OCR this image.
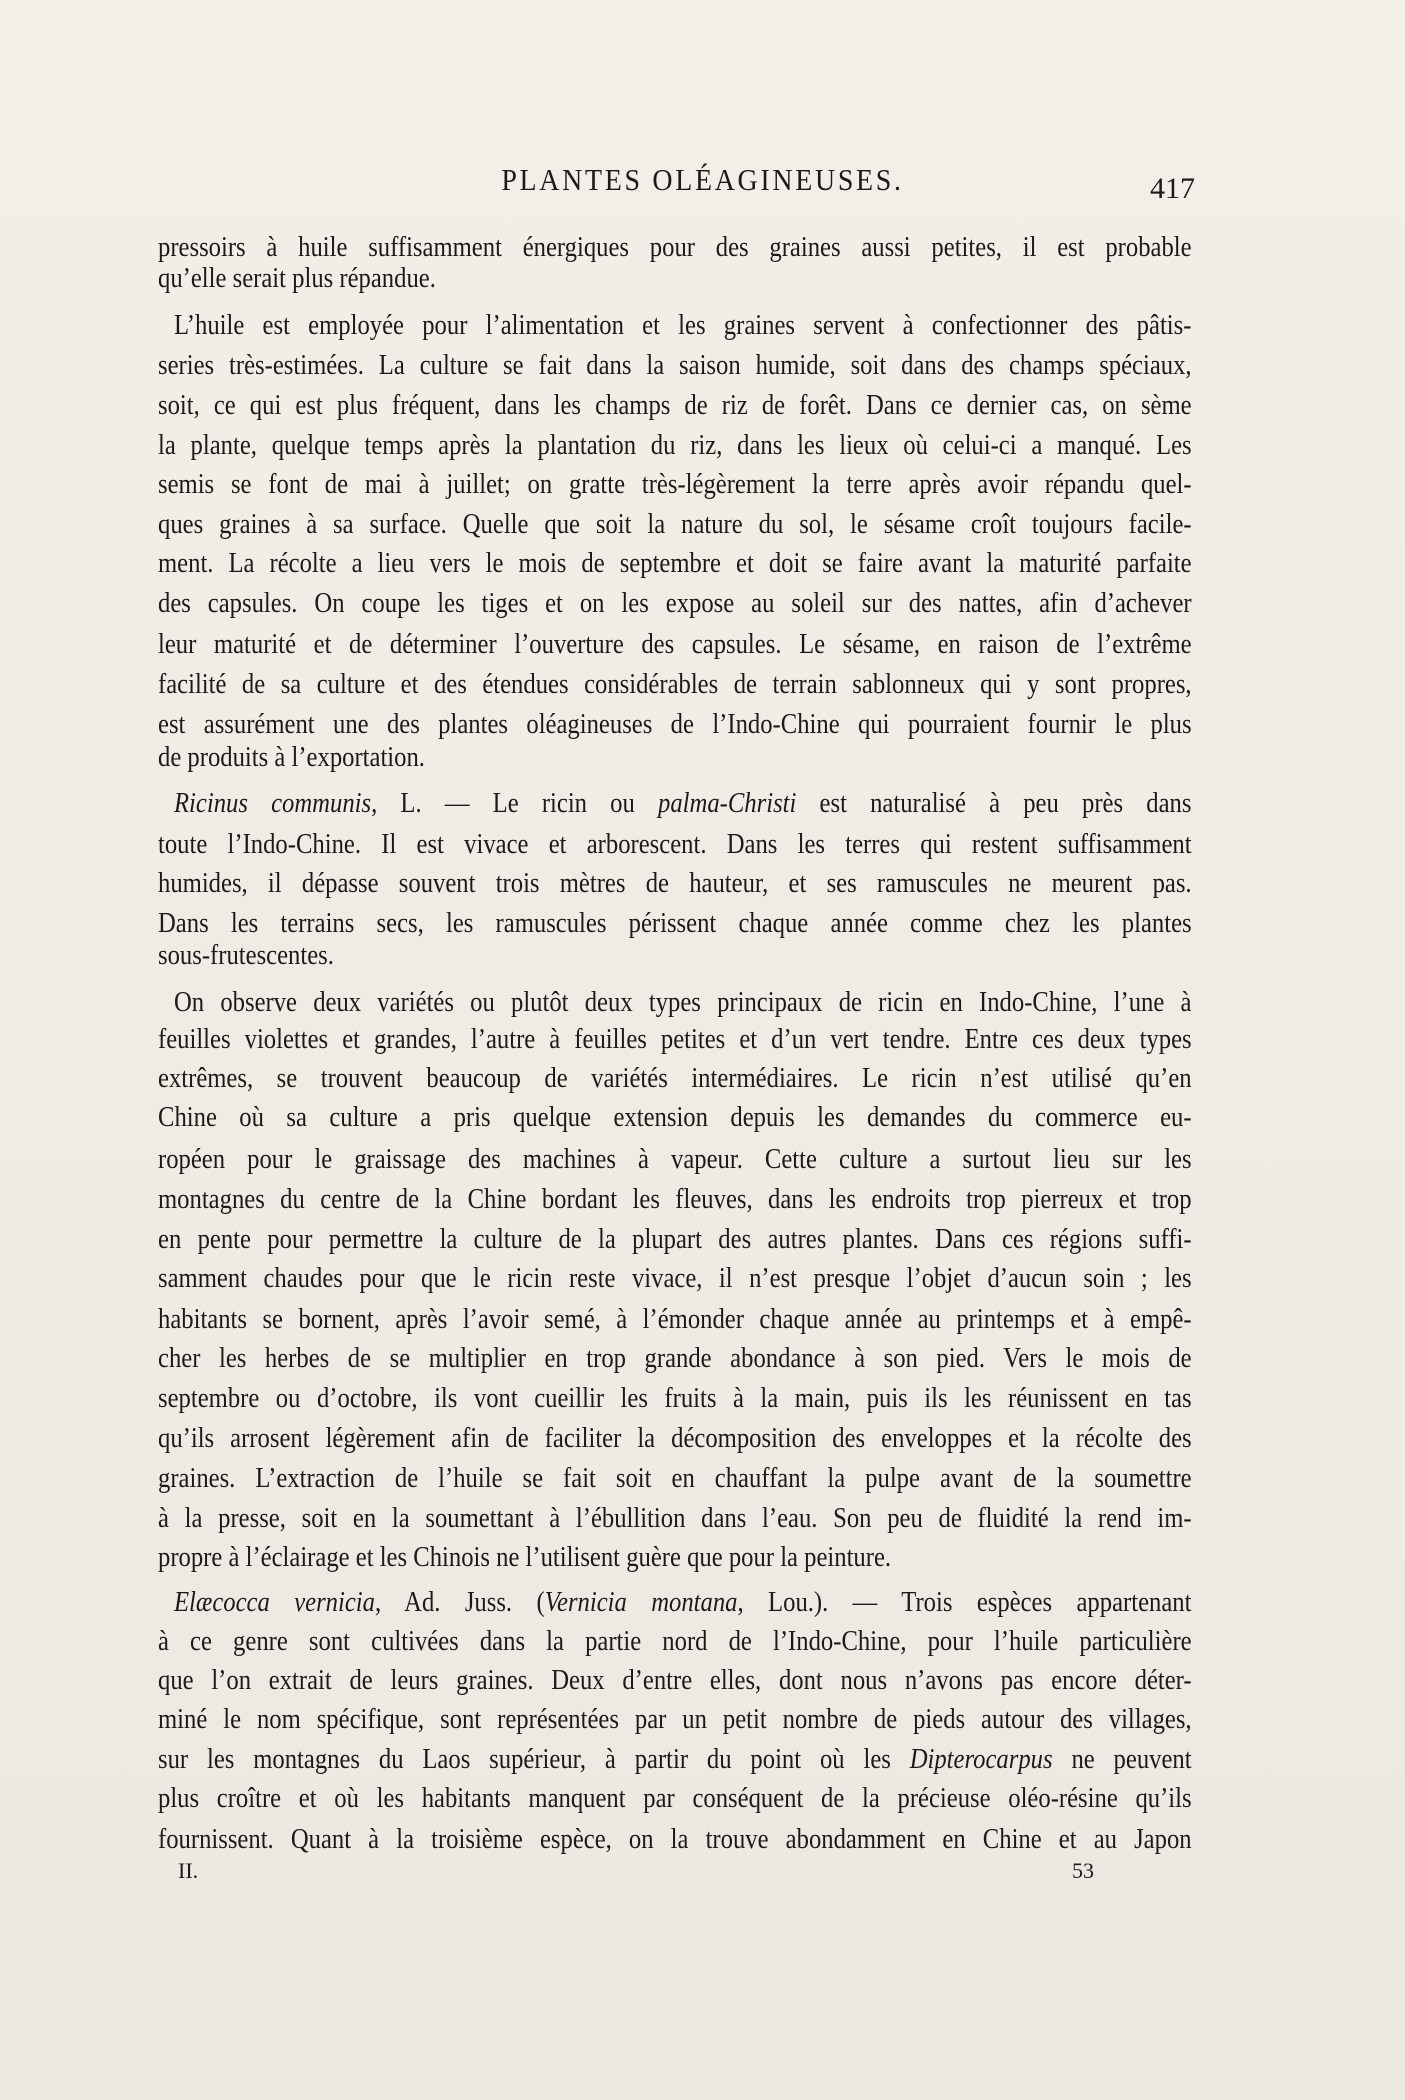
PLANTES OLÉAGINEUSES.	417
pressoirs à huile suffisamment énergiques pour des graines aussi petites, il est probable
qu’elle serait plus répandue.
L’huile est employée pour l’alimentation et les graines servent à confectionner des pâtis-
series très-estimées. La culture se fait dans la saison humide, soit dans des champs spéciaux,
soit, ce qui est plus fréquent, dans les champs de riz de forêt. Dans ce dernier cas, on sème
la plante, quelque temps après la plantation du riz, dans les lieux où celui-ci a manqué. Les
semis se font de mai à juillet; on gratte très-légèrement la terre après avoir répandu quel-
ques graines à sa surface. Quelle que soit la nature du sol, le sésame croît toujours facile-
ment. La récolte a lieu vers le mois de septembre et doit se faire avant la maturité parfaite
des capsules. On coupe les tiges et on les expose au soleil sur des nattes, afin d’achever
leur maturité et de déterminer l’ouverture des capsules. Le sésame, en raison de l’extrême
facilité de sa culture et des étendues considérables de terrain sablonneux qui y sont propres,
est assurément une des plantes oléagineuses de l’Indo-Chine qui pourraient fournir le plus
de produits à l’exportation.
Ricinus communis, L. — Le ricin ou palma-Christi est naturalisé à peu près dans
toute l’Indo-Chine. Il est vivace et arborescent. Dans les terres qui restent suffisamment
humides, il dépasse souvent trois mètres de hauteur, et ses ramuscules ne meurent pas.
Dans les terrains secs, les ramuscules périssent chaque année comme chez les plantes
sous-frutescentes.
On observe deux variétés ou plutôt deux types principaux de ricin en Indo-Chine, l’une à
feuilles violettes et grandes, l’autre à feuilles petites et d’un vert tendre. Entre ces deux types
extrêmes, se trouvent beaucoup de variétés intermédiaires. Le ricin n’est utilisé qu’en
Chine où sa culture a pris quelque extension depuis les demandes du commerce eu-
ropéen pour le graissage des machines à vapeur. Cette culture a surtout lieu sur les
montagnes du centre de la Chine bordant les fleuves, dans les endroits trop pierreux et trop
en pente pour permettre la culture de la plupart des autres plantes. Dans ces régions suffi-
samment chaudes pour que le ricin reste vivace, il n’est presque l’objet d’aucun soin ; les
habitants se bornent, après l’avoir semé, à l’émonder chaque année au printemps et à empê-
cher les herbes de se multiplier en trop grande abondance à son pied. Vers le mois de
septembre ou d’octobre, ils vont cueillir les fruits à la main, puis ils les réunissent en tas
qu’ils arrosent légèrement afin de faciliter la décomposition des enveloppes et la récolte des
graines. L’extraction de l’huile se fait soit en chauffant la pulpe avant de la soumettre
à la presse, soit en la soumettant à l’ébullition dans l’eau. Son peu de fluidité la rend im-
propre à l’éclairage et les Chinois ne l’utilisent guère que pour la peinture.
Elæcocca vernicia, Ad. Juss. (Vernicia montana, Lou.). — Trois espèces appartenant
à ce genre sont cultivées dans la partie nord de l’Indo-Chine, pour l’huile particulière
que l’on extrait de leurs graines. Deux d’entre elles, dont nous n’avons pas encore déter-
miné le nom spécifique, sont représentées par un petit nombre de pieds autour des villages,
sur les montagnes du Laos supérieur, à partir du point où les Dipterocarpus ne peuvent
plus croître et où les habitants manquent par conséquent de la précieuse oléo-résine qu’ils
fournissent. Quant à la troisième espèce, on la trouve abondamment en Chine et au Japon
II.	53
